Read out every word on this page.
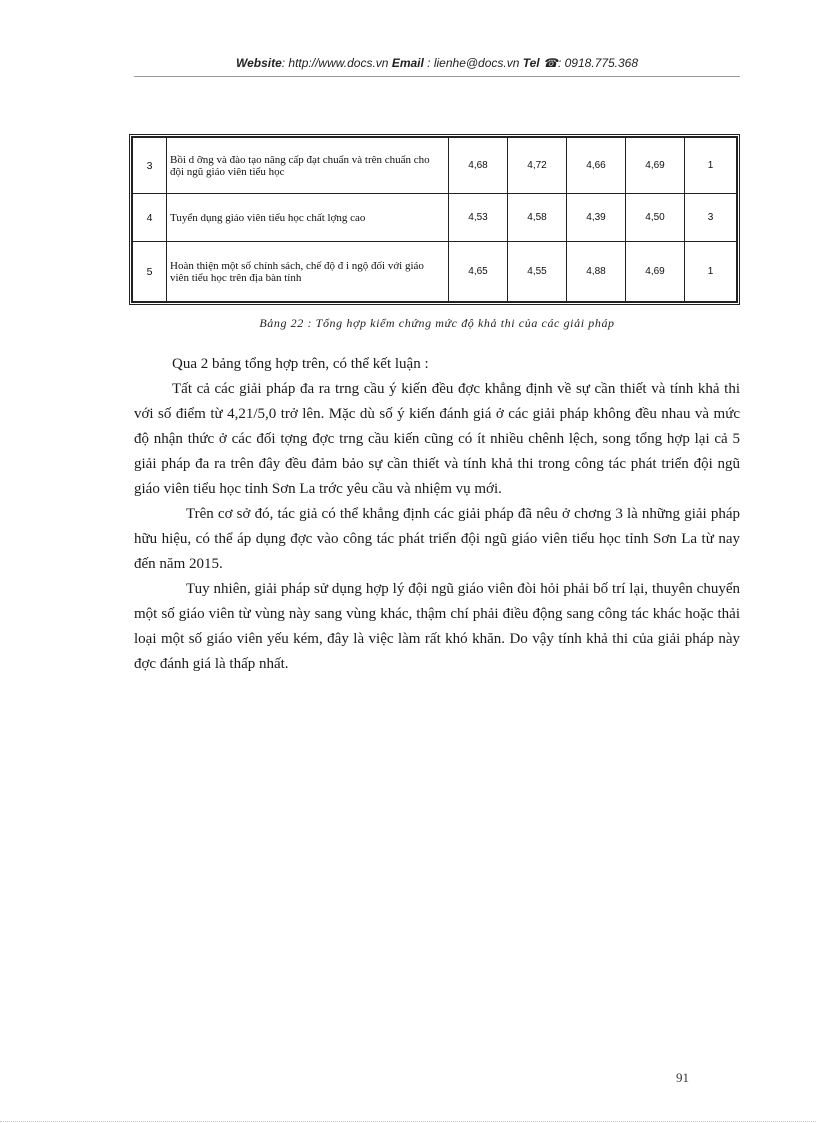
Website: http://www.docs.vn Email : lienhe@docs.vn Tel ☎: 0918.775.368
3	Bồi d ỡng và đào tạo nâng cấp đạt chuẩn và trên chuẩn cho đội ngũ giáo viên tiểu học	4,68	4,72	4,66	4,69	1
4	Tuyển dụng giáo viên tiểu học chất lợng cao	4,53	4,58	4,39	4,50	3
5	Hoàn thiện một số chính sách, chế độ đ i ngộ đối với giáo viên tiểu học trên địa bàn tỉnh	4,65	4,55	4,88	4,69	1
Bảng 22 : Tổng hợp kiểm chứng mức độ khả thi của các giải pháp

Qua 2 bảng tổng hợp trên, có thể kết luận :

Tất cả các giải pháp đa ra trng cầu ý kiến đều đợc khẳng định về sự cần thiết và tính khả thi với số điểm từ 4,21/5,0 trở lên. Mặc dù số ý kiến đánh giá ở các giải pháp không đều nhau và mức độ nhận thức ở các đối tợng đợc trng cầu kiến cũng có ít nhiều chênh lệch, song tổng hợp lại cả 5 giải pháp đa ra trên đây đều đảm bảo sự cần thiết và tính khả thi trong công tác phát triển đội ngũ giáo viên tiểu học tỉnh Sơn La trớc yêu cầu và nhiệm vụ mới.

Trên cơ sở đó, tác giả có thể khẳng định các giải pháp đã nêu ở chơng 3 là những giải pháp hữu hiệu, có thể áp dụng đợc vào công tác phát triển đội ngũ giáo viên tiểu học tỉnh Sơn La từ nay đến năm 2015.

Tuy nhiên, giải pháp sử dụng hợp lý đội ngũ giáo viên đòi hỏi phải bố trí lại, thuyên chuyển một số giáo viên từ vùng này sang vùng khác, thậm chí phải điều động sang công tác khác hoặc thải loại một số giáo viên yếu kém, đây là việc làm rất khó khăn. Do vậy tính khả thi của giải pháp này đợc đánh giá là thấp nhất.

91
